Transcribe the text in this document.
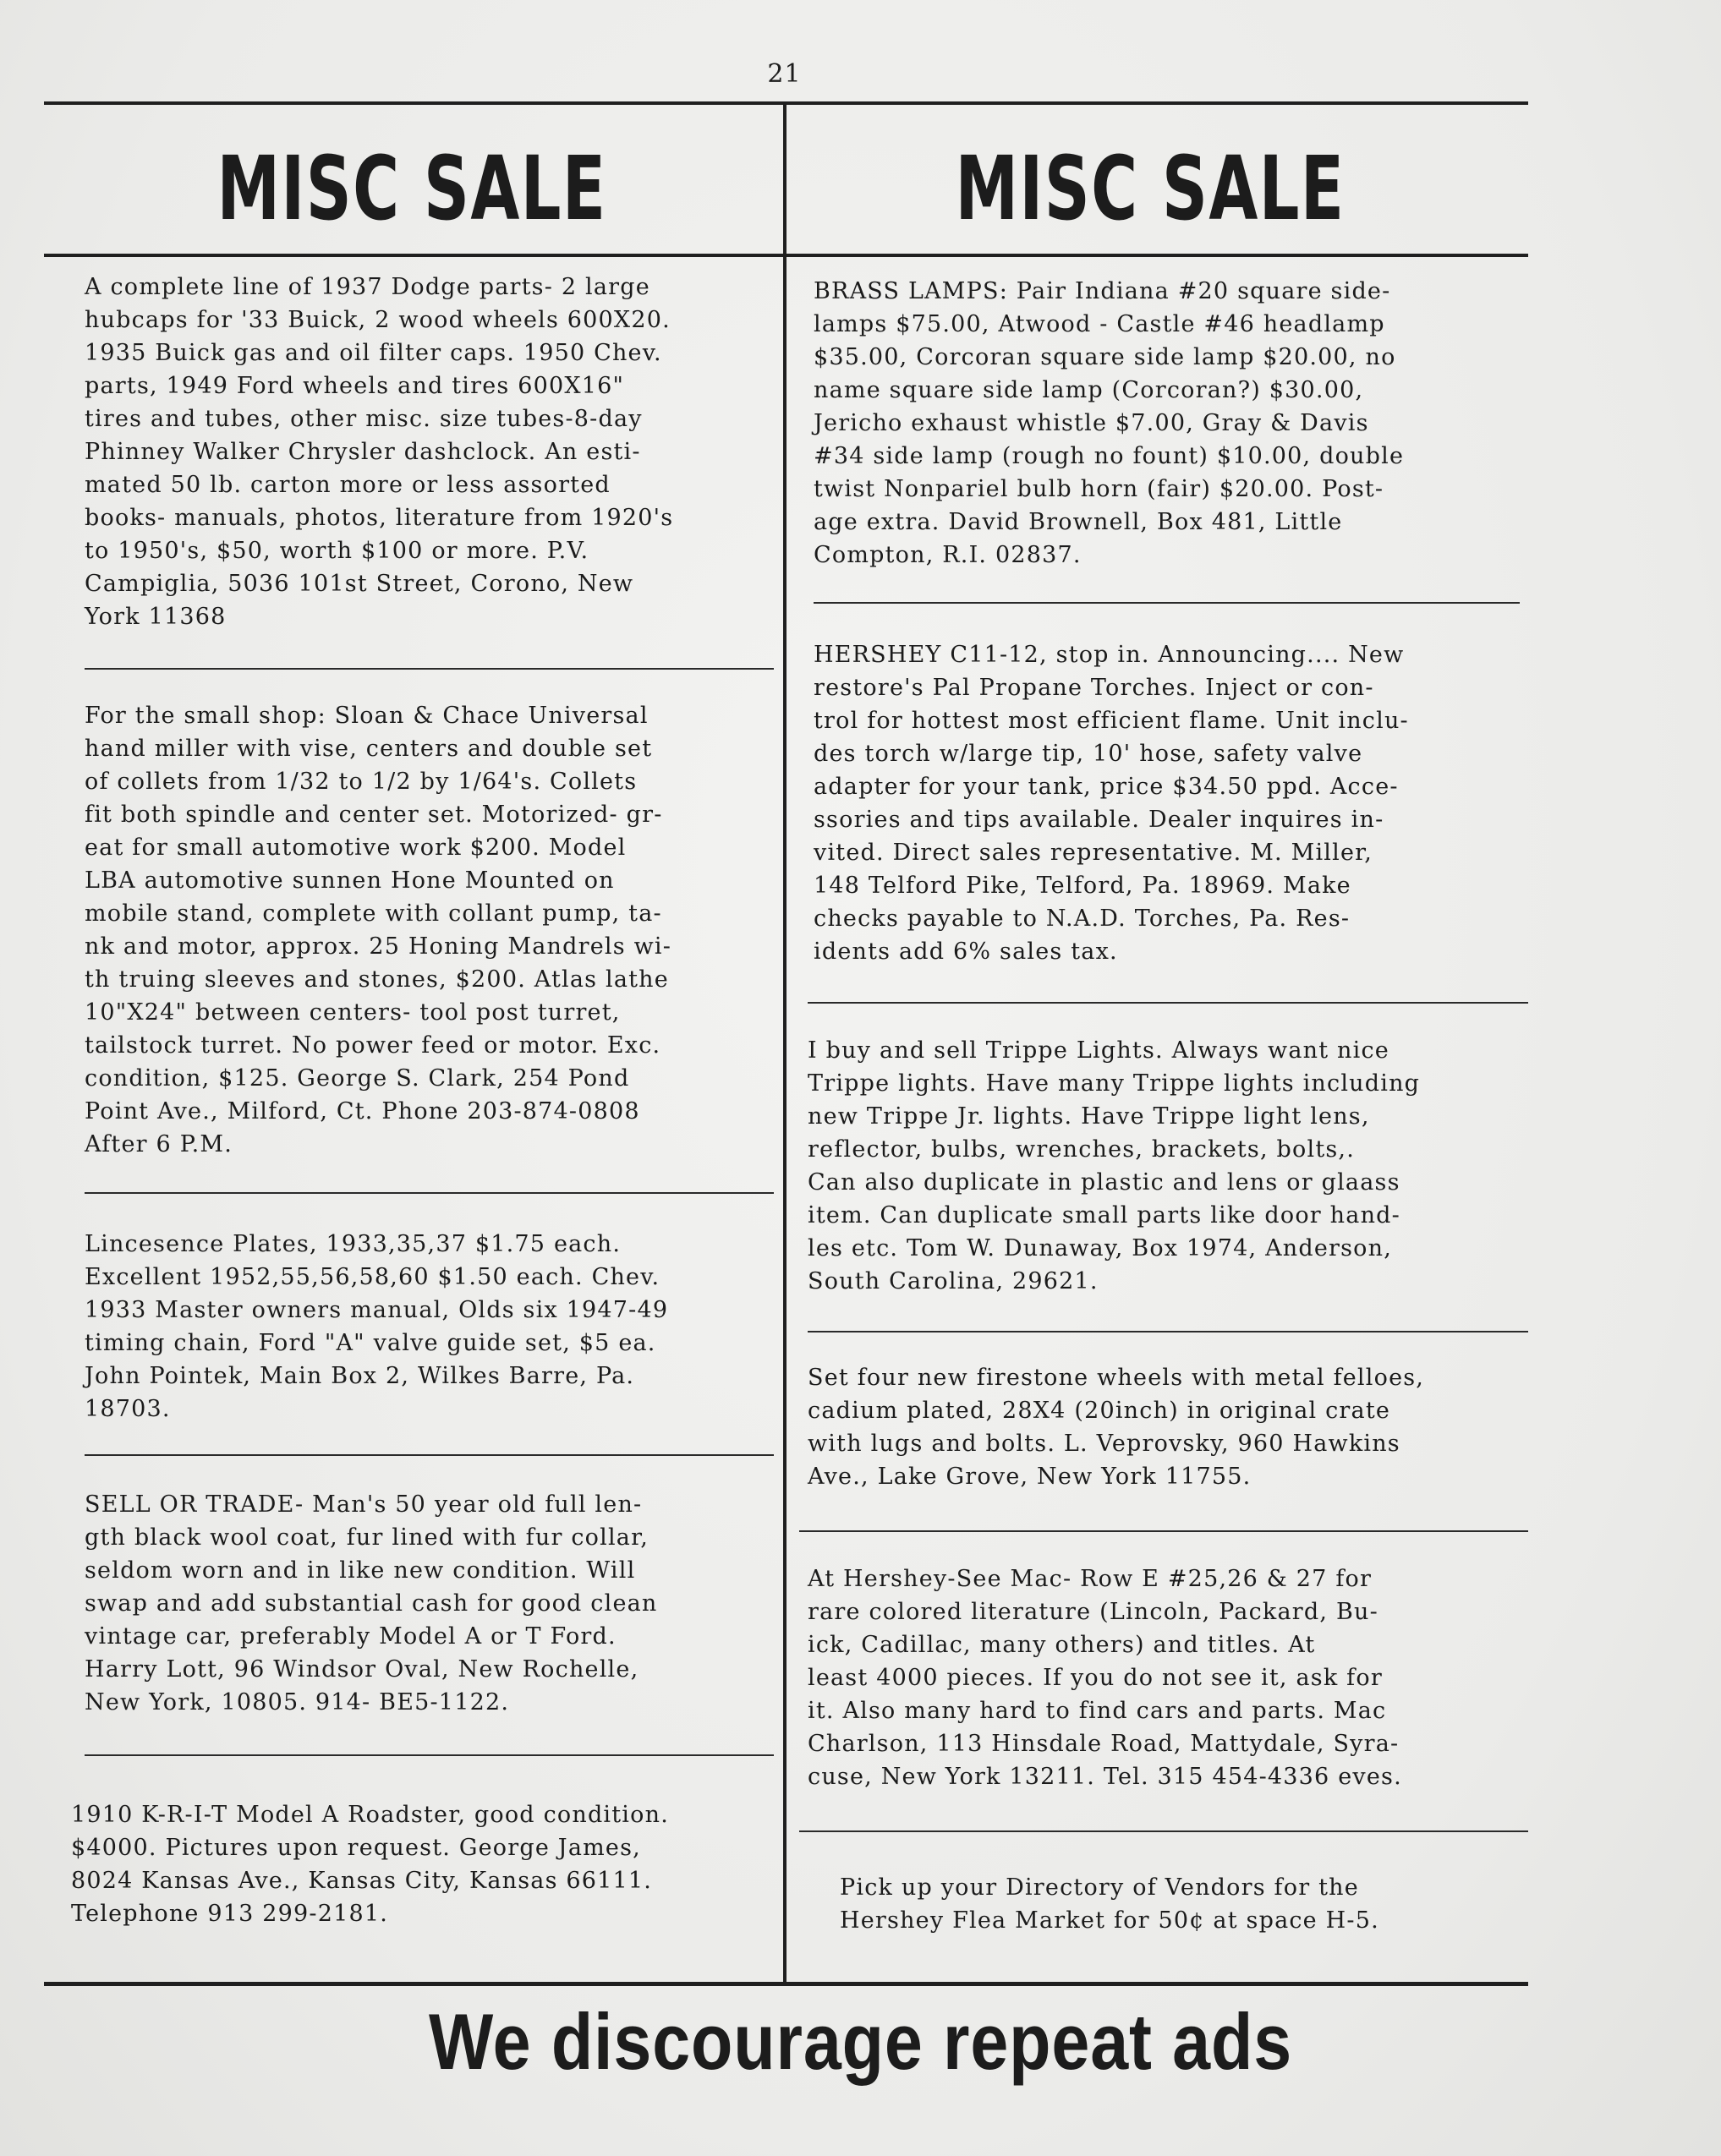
21
MISC SALE	MISC SALE
A complete line of 1937 Dodge parts- 2 large
hubcaps for '33 Buick, 2 wood wheels 600X20.
1935 Buick gas and oil filter caps. 1950 Chev.
parts, 1949 Ford wheels and tires 600X16"
tires and tubes, other misc. size tubes-8-day
Phinney Walker Chrysler dashclock. An esti-
mated 50 lb. carton more or less assorted
books- manuals, photos, literature from 1920's
to 1950's, $50, worth $100 or more. P.V.
Campiglia, 5036 101st Street, Corono, New
York 11368
For the small shop: Sloan & Chace Universal
hand miller with vise, centers and double set
of collets from 1/32 to 1/2 by 1/64's. Collets
fit both spindle and center set. Motorized- gr-
eat for small automotive work $200. Model
LBA automotive sunnen Hone Mounted on
mobile stand, complete with collant pump, ta-
nk and motor, approx. 25 Honing Mandrels wi-
th truing sleeves and stones, $200. Atlas lathe
10"X24" between centers- tool post turret,
tailstock turret. No power feed or motor. Exc.
condition, $125. George S. Clark, 254 Pond
Point Ave., Milford, Ct. Phone 203-874-0808
After 6 P.M.
Lincesence Plates, 1933,35,37 $1.75 each.
Excellent 1952,55,56,58,60 $1.50 each. Chev.
1933 Master owners manual, Olds six 1947-49
timing chain, Ford "A" valve guide set, $5 ea.
John Pointek, Main Box 2, Wilkes Barre, Pa.
18703.
SELL OR TRADE- Man's 50 year old full len-
gth black wool coat, fur lined with fur collar,
seldom worn and in like new condition. Will
swap and add substantial cash for good clean
vintage car, preferably Model A or T Ford.
Harry Lott, 96 Windsor Oval, New Rochelle,
New York, 10805. 914- BE5-1122.
1910 K-R-I-T Model A Roadster, good condition.
$4000. Pictures upon request. George James,
8024 Kansas Ave., Kansas City, Kansas 66111.
Telephone 913 299-2181.
BRASS LAMPS: Pair Indiana #20 square side-
lamps $75.00, Atwood - Castle #46 headlamp
$35.00, Corcoran square side lamp $20.00, no
name square side lamp (Corcoran?) $30.00,
Jericho exhaust whistle $7.00, Gray & Davis
#34 side lamp (rough no fount) $10.00, double
twist Nonpariel bulb horn (fair) $20.00. Post-
age extra. David Brownell, Box 481, Little
Compton, R.I. 02837.
HERSHEY C11-12, stop in. Announcing.... New
restore's Pal Propane Torches. Inject or con-
trol for hottest most efficient flame. Unit inclu-
des torch w/large tip, 10' hose, safety valve
adapter for your tank, price $34.50 ppd. Acce-
ssories and tips available. Dealer inquires in-
vited. Direct sales representative. M. Miller,
148 Telford Pike, Telford, Pa. 18969. Make
checks payable to N.A.D. Torches, Pa. Res-
idents add 6% sales tax.
I buy and sell Trippe Lights. Always want nice
Trippe lights. Have many Trippe lights including
new Trippe Jr. lights. Have Trippe light lens,
reflector, bulbs, wrenches, brackets, bolts,.
Can also duplicate in plastic and lens or glaass
item. Can duplicate small parts like door hand-
les etc. Tom W. Dunaway, Box 1974, Anderson,
South Carolina, 29621.
Set four new firestone wheels with metal felloes,
cadium plated, 28X4 (20inch) in original crate
with lugs and bolts. L. Veprovsky, 960 Hawkins
Ave., Lake Grove, New York 11755.
At Hershey-See Mac- Row E #25,26 & 27 for
rare colored literature (Lincoln, Packard, Bu-
ick, Cadillac, many others) and titles. At
least 4000 pieces. If you do not see it, ask for
it. Also many hard to find cars and parts. Mac
Charlson, 113 Hinsdale Road, Mattydale, Syra-
cuse, New York 13211. Tel. 315 454-4336 eves.
Pick up your Directory of Vendors for the
Hershey Flea Market for 50¢ at space H-5.
We discourage repeat ads
